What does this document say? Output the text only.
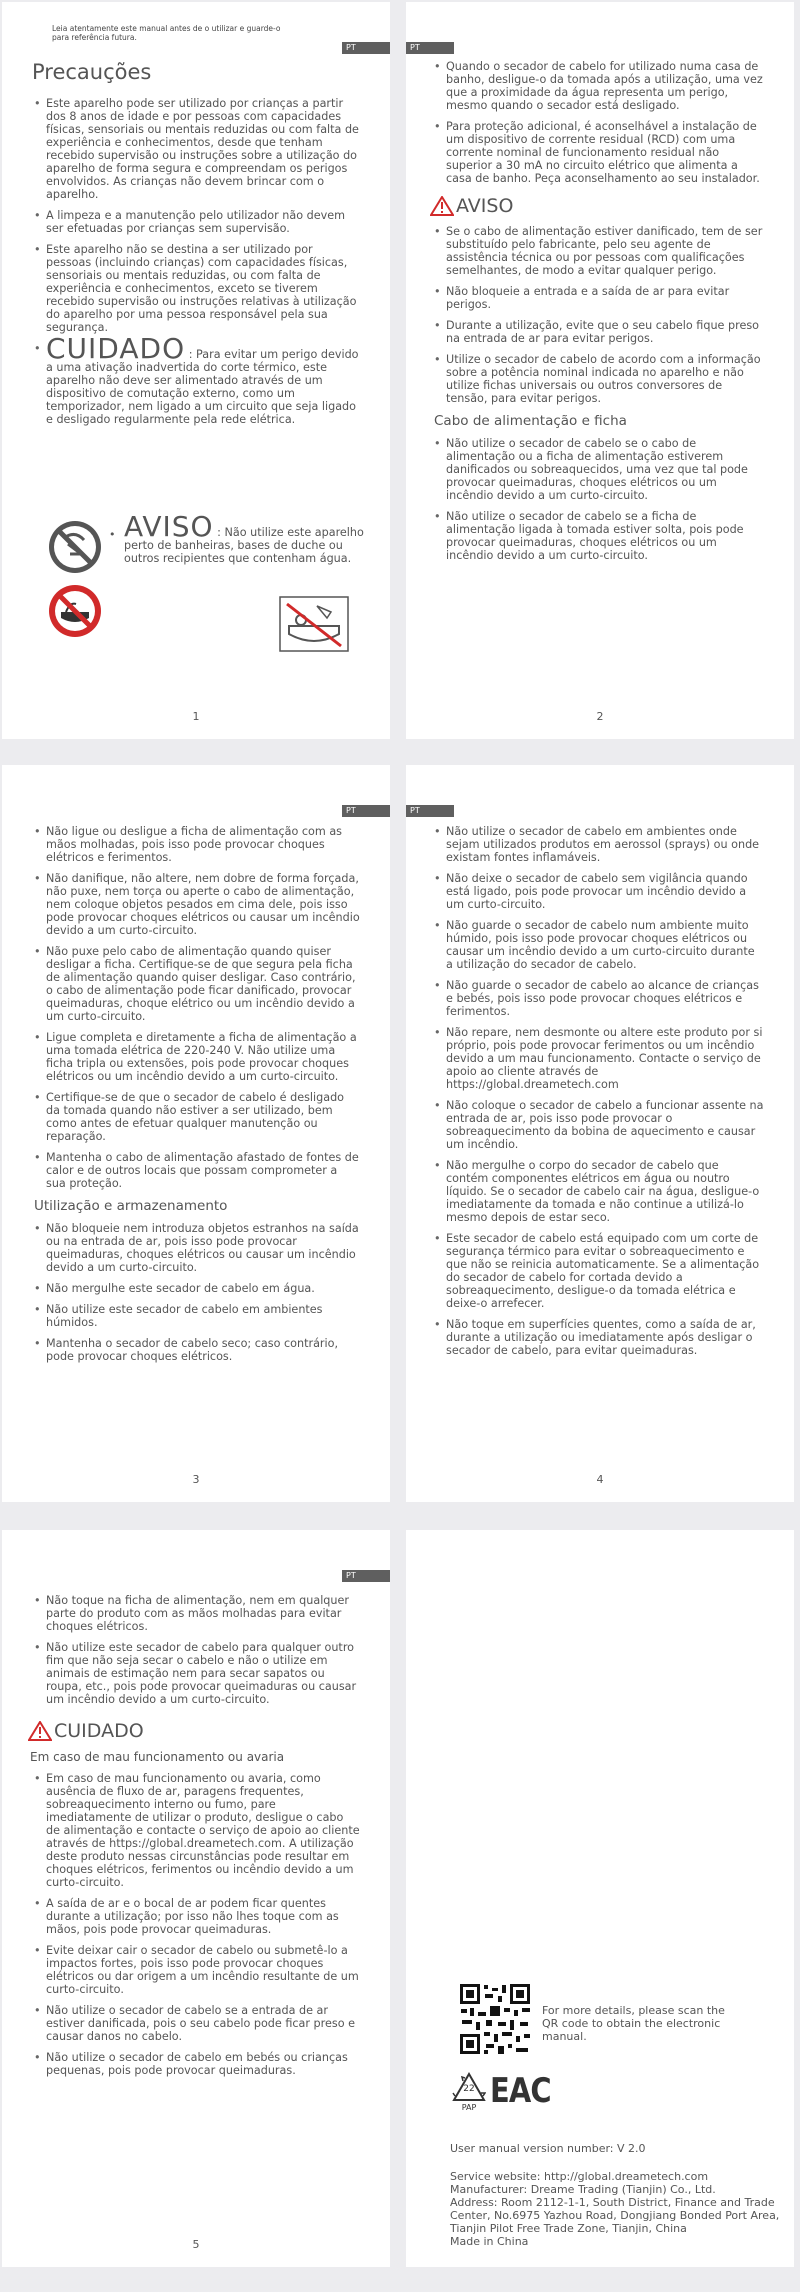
PT
Leia atentamente este manual antes de o utilizar e guarde-o para referência futura.
Precauções
• Este aparelho pode ser utilizado por crianças a partir dos 8 anos de idade e por pessoas com capacidades físicas, sensoriais ou mentais reduzidas ou com falta de experiência e conhecimentos, desde que tenham recebido supervisão ou instruções sobre a utilização do aparelho de forma segura e compreendam os perigos envolvidos. As crianças não devem brincar com o aparelho.
• A limpeza e a manutenção pelo utilizador não devem ser efetuadas por crianças sem supervisão.
• Este aparelho não se destina a ser utilizado por pessoas (incluindo crianças) com capacidades físicas, sensoriais ou mentais reduzidas, ou com falta de experiência e conhecimentos, exceto se tiverem recebido supervisão ou instruções relativas à utilização do aparelho por uma pessoa responsável pela sua segurança.
• CUIDADO : Para evitar um perigo devido a uma ativação inadvertida do corte térmico, este aparelho não deve ser alimentado através de um dispositivo de comutação externo, como um temporizador, nem ligado a um circuito que seja ligado e desligado regularmente pela rede elétrica.

• AVISO : Não utilize este aparelho perto de banheiras, bases de duche ou outros recipientes que contenham água.
1
PT
• Quando o secador de cabelo for utilizado numa casa de banho, desligue-o da tomada após a utilização, uma vez que a proximidade da água representa um perigo, mesmo quando o secador está desligado.
• Para proteção adicional, é aconselhável a instalação de um dispositivo de corrente residual (RCD) com uma corrente nominal de funcionamento residual não superior a 30 mA no circuito elétrico que alimenta a casa de banho. Peça aconselhamento ao seu instalador.
AVISO
• Se o cabo de alimentação estiver danificado, tem de ser substituído pelo fabricante, pelo seu agente de assistência técnica ou por pessoas com qualificações semelhantes, de modo a evitar qualquer perigo.
• Não bloqueie a entrada e a saída de ar para evitar perigos.
• Durante a utilização, evite que o seu cabelo fique preso na entrada de ar para evitar perigos.
• Utilize o secador de cabelo de acordo com a informação sobre a potência nominal indicada no aparelho e não utilize fichas universais ou outros conversores de tensão, para evitar perigos.
Cabo de alimentação e ficha
• Não utilize o secador de cabelo se o cabo de alimentação ou a ficha de alimentação estiverem danificados ou sobreaquecidos, uma vez que tal pode provocar queimaduras, choques elétricos ou um incêndio devido a um curto-circuito.
• Não utilize o secador de cabelo se a ficha de alimentação ligada à tomada estiver solta, pois pode provocar queimaduras, choques elétricos ou um incêndio devido a um curto-circuito.
2
PT
• Não ligue ou desligue a ficha de alimentação com as mãos molhadas, pois isso pode provocar choques elétricos e ferimentos.
• Não danifique, não altere, nem dobre de forma forçada, não puxe, nem torça ou aperte o cabo de alimentação, nem coloque objetos pesados em cima dele, pois isso pode provocar choques elétricos ou causar um incêndio devido a um curto-circuito.
• Não puxe pelo cabo de alimentação quando quiser desligar a ficha. Certifique-se de que segura pela ficha de alimentação quando quiser desligar. Caso contrário, o cabo de alimentação pode ficar danificado, provocar queimaduras, choque elétrico ou um incêndio devido a um curto-circuito.
• Ligue completa e diretamente a ficha de alimentação a uma tomada elétrica de 220-240 V. Não utilize uma ficha tripla ou extensões, pois pode provocar choques elétricos ou um incêndio devido a um curto-circuito.
• Certifique-se de que o secador de cabelo é desligado da tomada quando não estiver a ser utilizado, bem como antes de efetuar qualquer manutenção ou reparação.
• Mantenha o cabo de alimentação afastado de fontes de calor e de outros locais que possam comprometer a sua proteção.
Utilização e armazenamento
• Não bloqueie nem introduza objetos estranhos na saída ou na entrada de ar, pois isso pode provocar queimaduras, choques elétricos ou causar um incêndio devido a um curto-circuito.
• Não mergulhe este secador de cabelo em água.
• Não utilize este secador de cabelo em ambientes húmidos.
• Mantenha o secador de cabelo seco; caso contrário, pode provocar choques elétricos.
3
PT
• Não utilize o secador de cabelo em ambientes onde sejam utilizados produtos em aerossol (sprays) ou onde existam fontes inflamáveis.
• Não deixe o secador de cabelo sem vigilância quando está ligado, pois pode provocar um incêndio devido a um curto-circuito.
• Não guarde o secador de cabelo num ambiente muito húmido, pois isso pode provocar choques elétricos ou causar um incêndio devido a um curto-circuito durante a utilização do secador de cabelo.
• Não guarde o secador de cabelo ao alcance de crianças e bebés, pois isso pode provocar choques elétricos e ferimentos.
• Não repare, nem desmonte ou altere este produto por si próprio, pois pode provocar ferimentos ou um incêndio devido a um mau funcionamento. Contacte o serviço de apoio ao cliente através de https://global.dreametech.com
• Não coloque o secador de cabelo a funcionar assente na entrada de ar, pois isso pode provocar o sobreaquecimento da bobina de aquecimento e causar um incêndio.
• Não mergulhe o corpo do secador de cabelo que contém componentes elétricos em água ou noutro líquido. Se o secador de cabelo cair na água, desligue-o imediatamente da tomada e não continue a utilizá-lo mesmo depois de estar seco.
• Este secador de cabelo está equipado com um corte de segurança térmico para evitar o sobreaquecimento e que não se reinicia automaticamente. Se a alimentação do secador de cabelo for cortada devido a sobreaquecimento, desligue-o da tomada elétrica e deixe-o arrefecer.
• Não toque em superfícies quentes, como a saída de ar, durante a utilização ou imediatamente após desligar o secador de cabelo, para evitar queimaduras.
4
PT
• Não toque na ficha de alimentação, nem em qualquer parte do produto com as mãos molhadas para evitar choques elétricos.
• Não utilize este secador de cabelo para qualquer outro fim que não seja secar o cabelo e não o utilize em animais de estimação nem para secar sapatos ou roupa, etc., pois pode provocar queimaduras ou causar um incêndio devido a um curto-circuito.
CUIDADO
Em caso de mau funcionamento ou avaria
• Em caso de mau funcionamento ou avaria, como ausência de fluxo de ar, paragens frequentes, sobreaquecimento interno ou fumo, pare imediatamente de utilizar o produto, desligue o cabo de alimentação e contacte o serviço de apoio ao cliente através de https://global.dreametech.com. A utilização deste produto nessas circunstâncias pode resultar em choques elétricos, ferimentos ou incêndio devido a um curto-circuito.
• A saída de ar e o bocal de ar podem ficar quentes durante a utilização; por isso não lhes toque com as mãos, pois pode provocar queimaduras.
• Evite deixar cair o secador de cabelo ou submetê-lo a impactos fortes, pois isso pode provocar choques elétricos ou dar origem a um incêndio resultante de um curto-circuito.
• Não utilize o secador de cabelo se a entrada de ar estiver danificada, pois o seu cabelo pode ficar preso e causar danos no cabelo.
• Não utilize o secador de cabelo em bebés ou crianças pequenas, pois pode provocar queimaduras.
5
For more details, please scan the QR code to obtain the electronic manual.
22
PAP EAC
User manual version number: V 2.0
Service website: http://global.dreametech.com
Manufacturer: Dreame Trading (Tianjin) Co., Ltd.
Address: Room 2112-1-1, South District, Finance and Trade Center, No.6975 Yazhou Road, Dongjiang Bonded Port Area, Tianjin Pilot Free Trade Zone, Tianjin, China
Made in China
